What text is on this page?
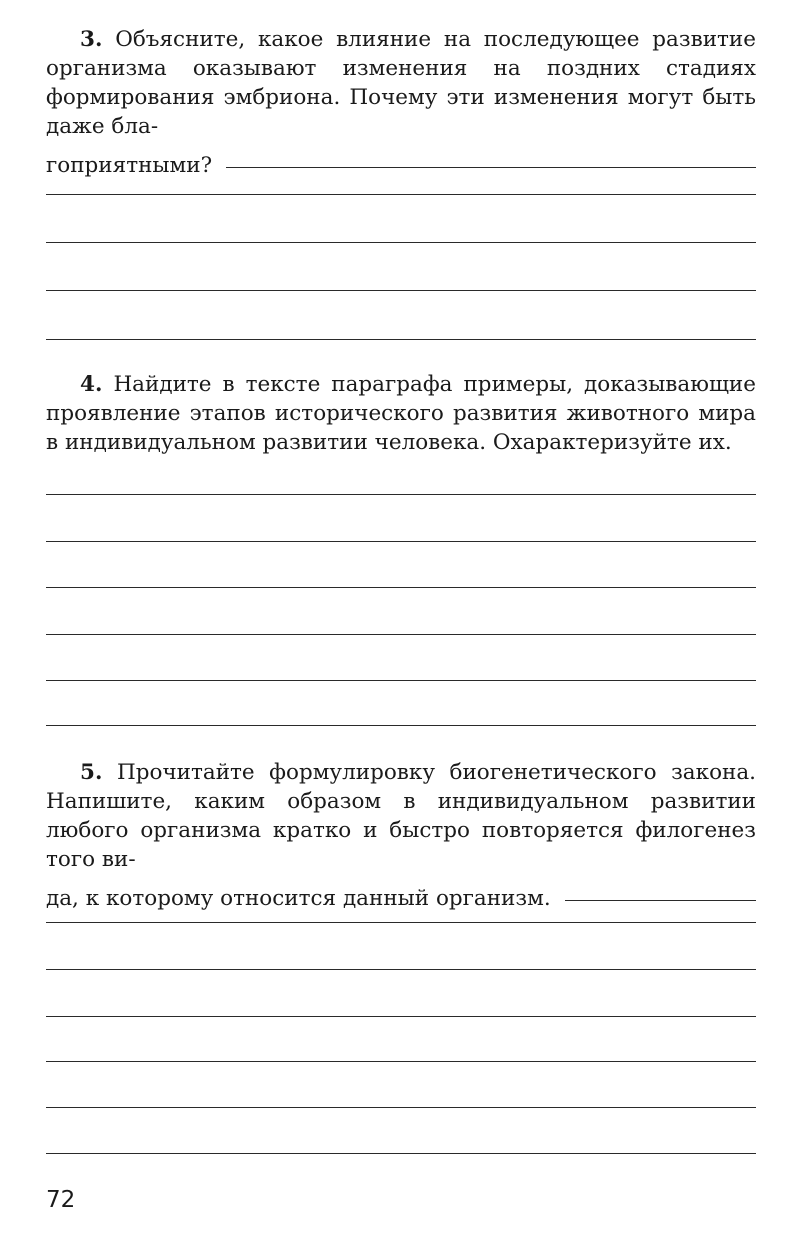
3. Объясните, какое влияние на последующее развитие организма оказывают изменения на поздних стадиях формирования эмбриона. Почему эти изменения могут быть даже бла-

гоприятными?

4. Найдите в тексте параграфа примеры, доказывающие проявление этапов исторического развития животного мира в индивидуальном развитии человека. Охарактеризуйте их.

5. Прочитайте формулировку биогенетического закона. Напишите, каким образом в индивидуальном развитии любого организма кратко и быстро повторяется филогенез того ви-

да, к которому относится данный организм.
72
